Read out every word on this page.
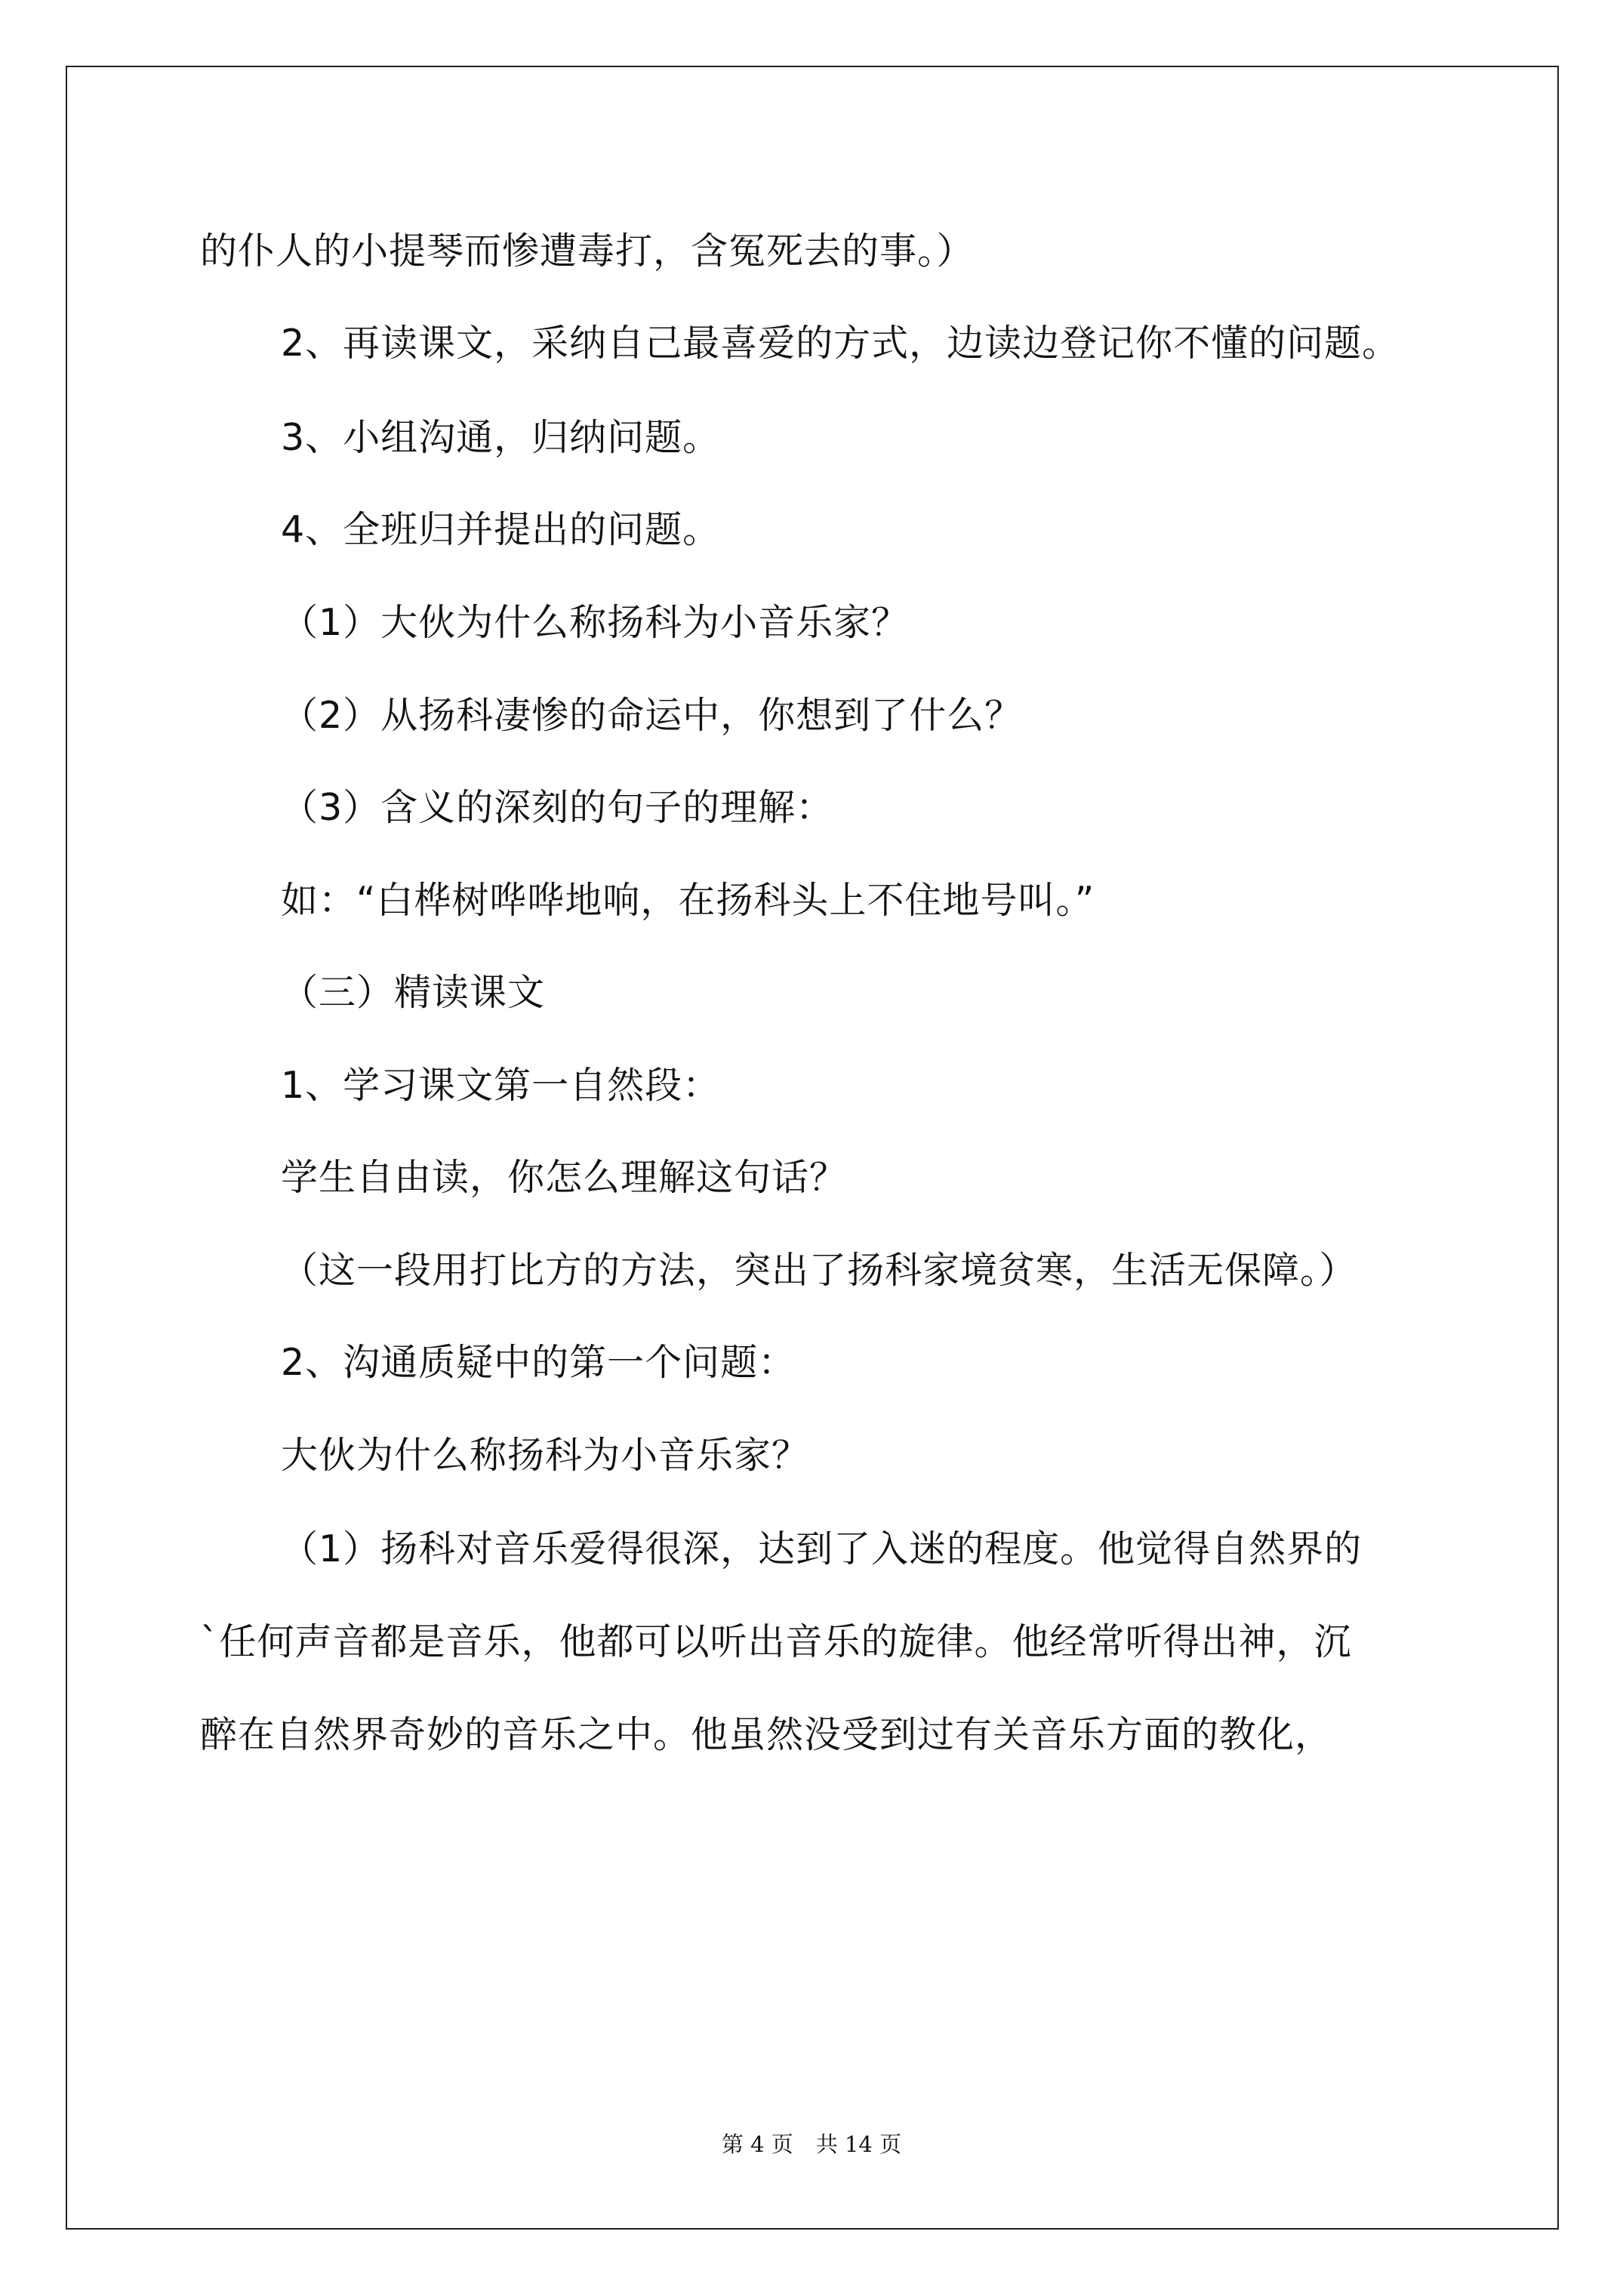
的仆人的小提琴而惨遭毒打，含冤死去的事。）
2、再读课文，采纳自己最喜爱的方式，边读边登记你不懂的问题。
3、小组沟通，归纳问题。
4、全班归并提出的问题。
（1）大伙为什么称扬科为小音乐家？
（2）从扬科凄惨的命运中，你想到了什么？
（3）含义的深刻的句子的理解：
如：“白桦树哗哗地响，在扬科头上不住地号叫。”
（三）精读课文
1、学习课文第一自然段：
学生自由读，你怎么理解这句话？
（这一段用打比方的方法，突出了扬科家境贫寒，生活无保障。）
2、沟通质疑中的第一个问题：
大伙为什么称扬科为小音乐家？
（1）扬科对音乐爱得很深，达到了入迷的程度。他觉得自然界的
`任何声音都是音乐，他都可以听出音乐的旋律。他经常听得出神，沉
醉在自然界奇妙的音乐之中。他虽然没受到过有关音乐方面的教化，
第 4 页 共 14 页
